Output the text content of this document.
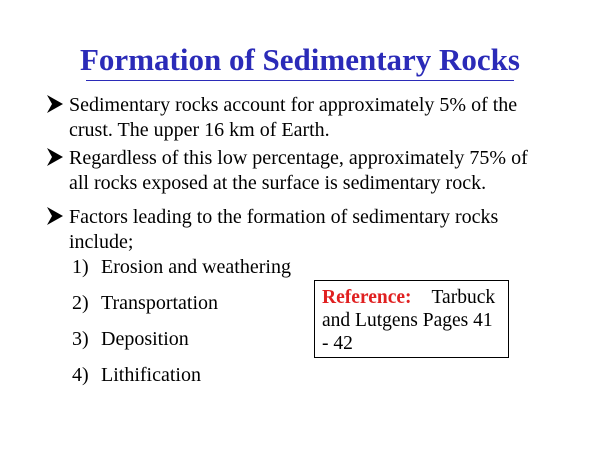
Formation of Sedimentary Rocks
Sedimentary rocks account for approximately 5% of the
crust. The upper 16 km of Earth.
Regardless of this low percentage, approximately 75% of
all rocks exposed at the surface is sedimentary rock.
Factors leading to the formation of sedimentary rocks
include;
1) Erosion and weathering
2) Transportation
3) Deposition
4) Lithification
Reference: Tarbuck
and Lutgens Pages 41
- 42
